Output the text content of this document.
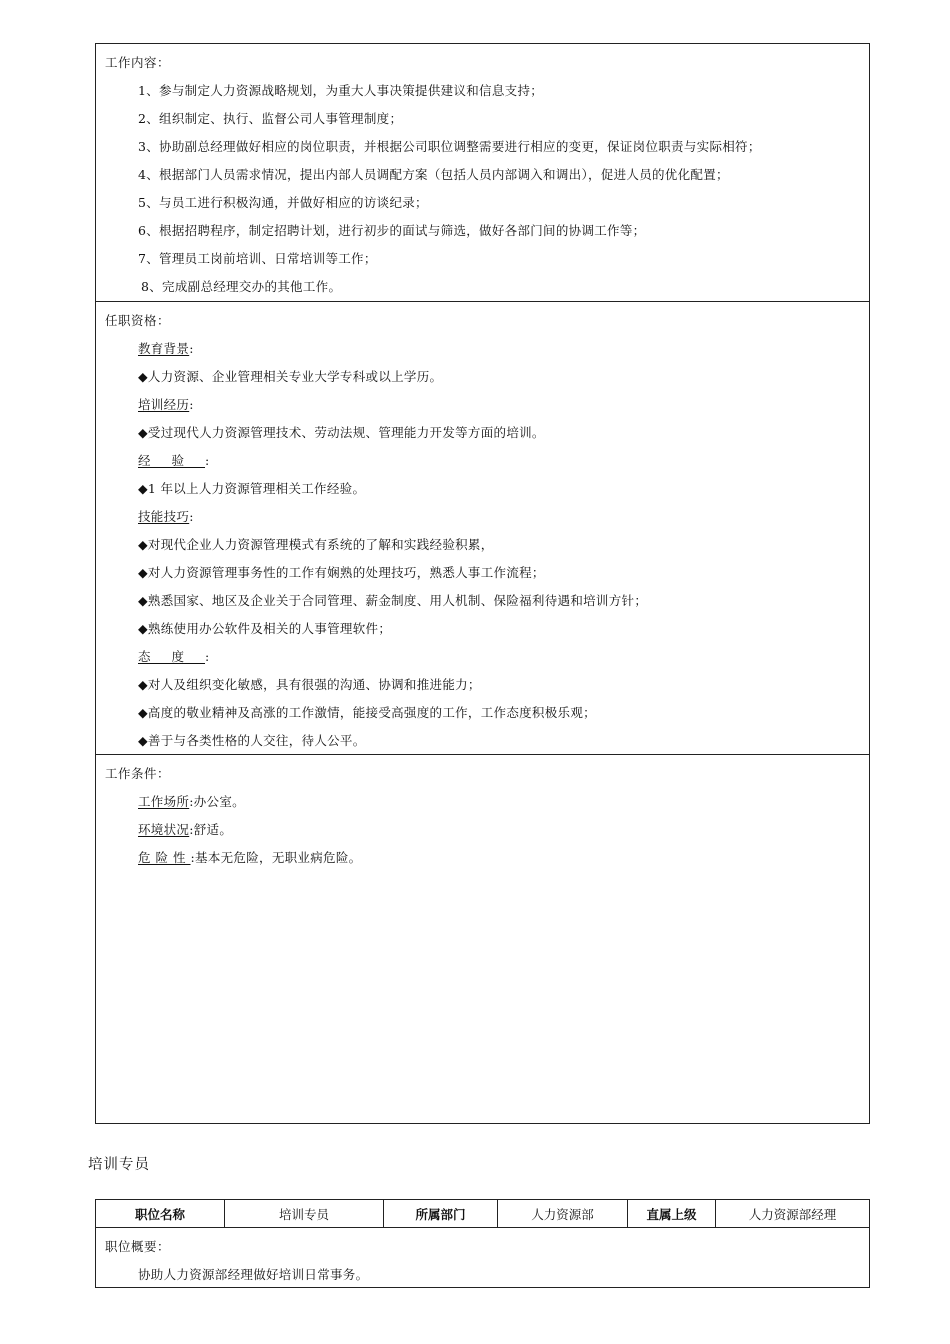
工作内容：
1、参与制定人力资源战略规划，为重大人事决策提供建议和信息支持；
2、组织制定、执行、监督公司人事管理制度；
3、协助副总经理做好相应的岗位职责，并根据公司职位调整需要进行相应的变更，保证岗位职责与实际相符；
4、根据部门人员需求情况，提出内部人员调配方案（包括人员内部调入和调出），促进人员的优化配置；
5、与员工进行积极沟通，并做好相应的访谈纪录；
6、根据招聘程序，制定招聘计划，进行初步的面试与筛选，做好各部门间的协调工作等；
7、管理员工岗前培训、日常培训等工作；
8、完成副总经理交办的其他工作。
任职资格：
教育背景:
◆人力资源、企业管理相关专业大学专科或以上学历。
培训经历:
◆受过现代人力资源管理技术、劳动法规、管理能力开发等方面的培训。
经验:
◆1 年以上人力资源管理相关工作经验。
技能技巧:
◆对现代企业人力资源管理模式有系统的了解和实践经验积累，
◆对人力资源管理事务性的工作有娴熟的处理技巧，熟悉人事工作流程；
◆熟悉国家、地区及企业关于合同管理、薪金制度、用人机制、保险福利待遇和培训方针；
◆熟练使用办公软件及相关的人事管理软件；
态度:
◆对人及组织变化敏感，具有很强的沟通、协调和推进能力；
◆高度的敬业精神及高涨的工作激情，能接受高强度的工作，工作态度积极乐观；
◆善于与各类性格的人交往，待人公平。
工作条件：
工作场所:办公室。
环境状况:舒适。
危险性:基本无危险，无职业病危险。
培训专员
职位名称	培训专员	所属部门	人力资源部	直属上级	人力资源部经理
职位概要：
协助人力资源部经理做好培训日常事务。
